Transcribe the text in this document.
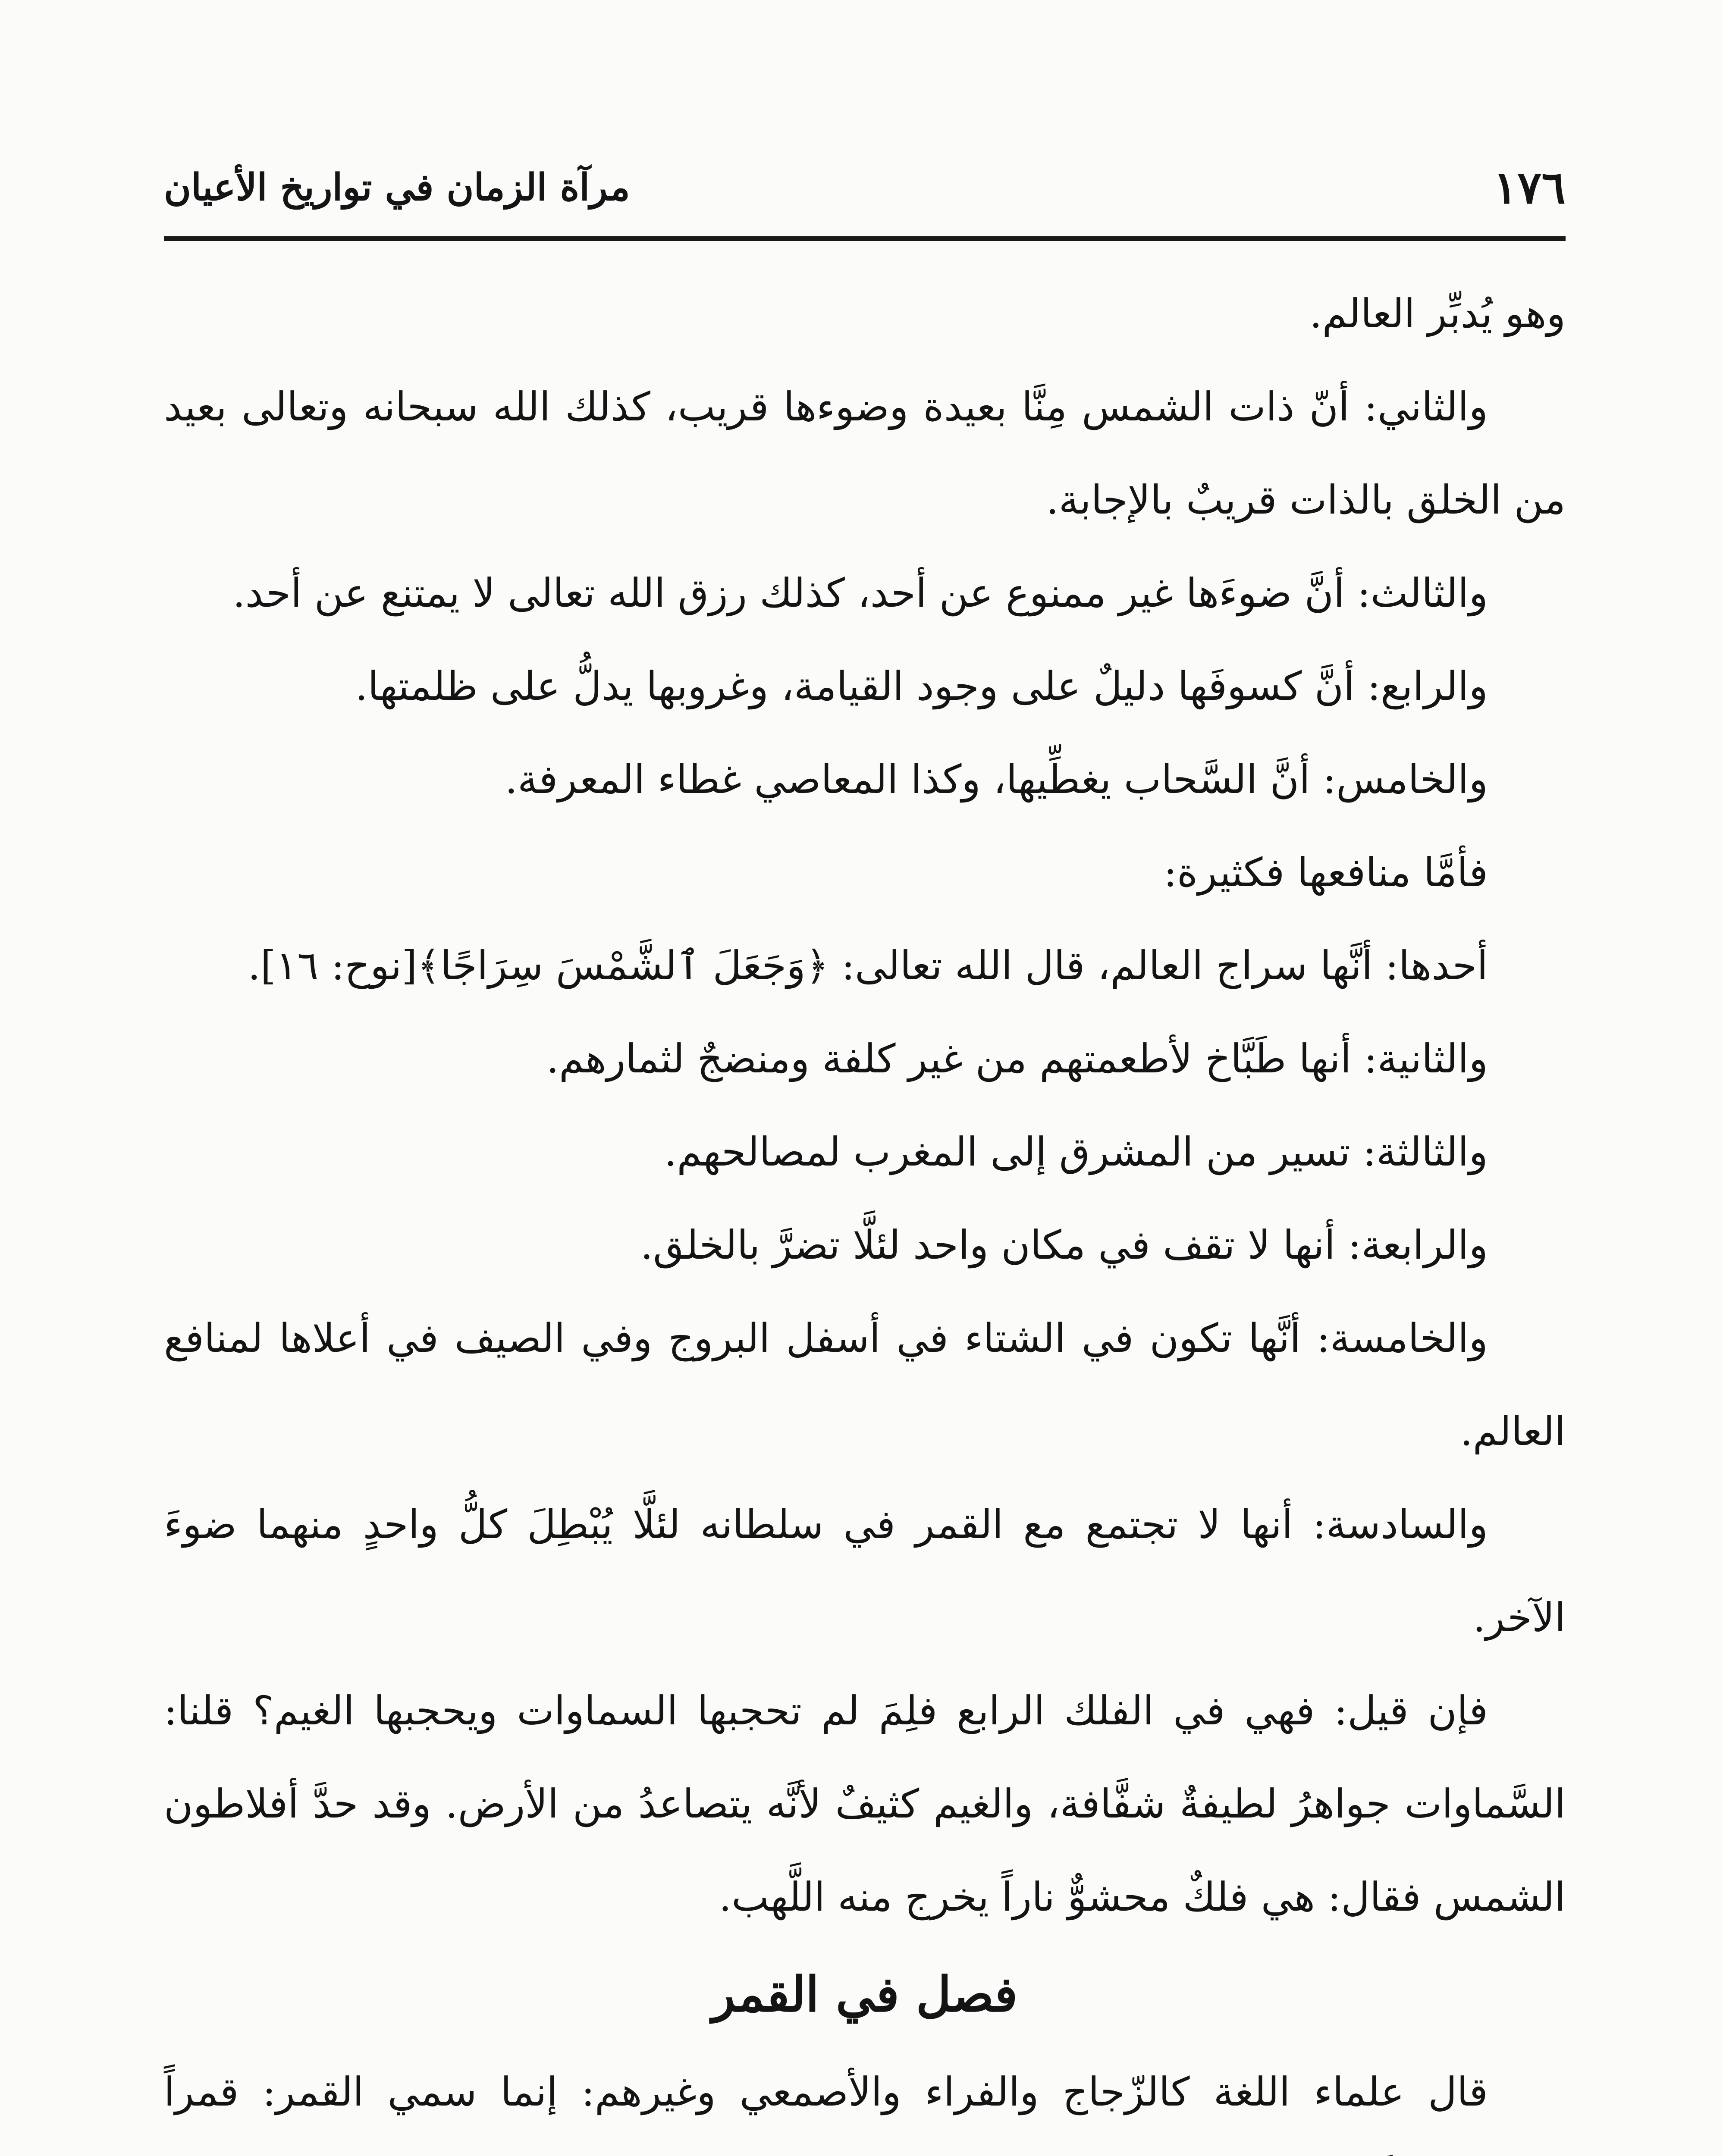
١٧٦
مرآة الزمان في تواريخ الأعيان

وهو يُدبِّر العالم.

والثاني: أنّ ذات الشمس مِنَّا بعيدة وضوءها قريب، كذلك الله سبحانه وتعالى بعيد من الخلق بالذات قريبٌ بالإجابة.

والثالث: أنَّ ضوءَها غير ممنوع عن أحد، كذلك رزق الله تعالى لا يمتنع عن أحد.

والرابع: أنَّ كسوفَها دليلٌ على وجود القيامة، وغروبها يدلُّ على ظلمتها.

والخامس: أنَّ السَّحاب يغطِّيها، وكذا المعاصي غطاء المعرفة.

فأمَّا منافعها فكثيرة:

أحدها: أنَّها سراج العالم، قال الله تعالى: ﴿وَجَعَلَ ٱلشَّمْسَ سِرَاجًا﴾[نوح: ١٦].

والثانية: أنها طَبَّاخ لأطعمتهم من غير كلفة ومنضجٌ لثمارهم.

والثالثة: تسير من المشرق إلى المغرب لمصالحهم.

والرابعة: أنها لا تقف في مكان واحد لئلَّا تضرَّ بالخلق.

والخامسة: أنَّها تكون في الشتاء في أسفل البروج وفي الصيف في أعلاها لمنافع العالم.

والسادسة: أنها لا تجتمع مع القمر في سلطانه لئلَّا يُبْطِلَ كلُّ واحدٍ منهما ضوءَ الآخر.

فإن قيل: فهي في الفلك الرابع فلِمَ لم تحجبها السماوات ويحجبها الغيم؟ قلنا: السَّماوات جواهرُ لطيفةٌ شفَّافة، والغيم كثيفٌ لأنَّه يتصاعدُ من الأرض. وقد حدَّ أفلاطون الشمس فقال: هي فلكٌ محشوٌّ ناراً يخرج منه اللَّهب.

فصل في القمر

قال علماء اللغة كالزّجاج والفراء والأصمعي وغيرهم: إنما سمي القمر: قمراً
